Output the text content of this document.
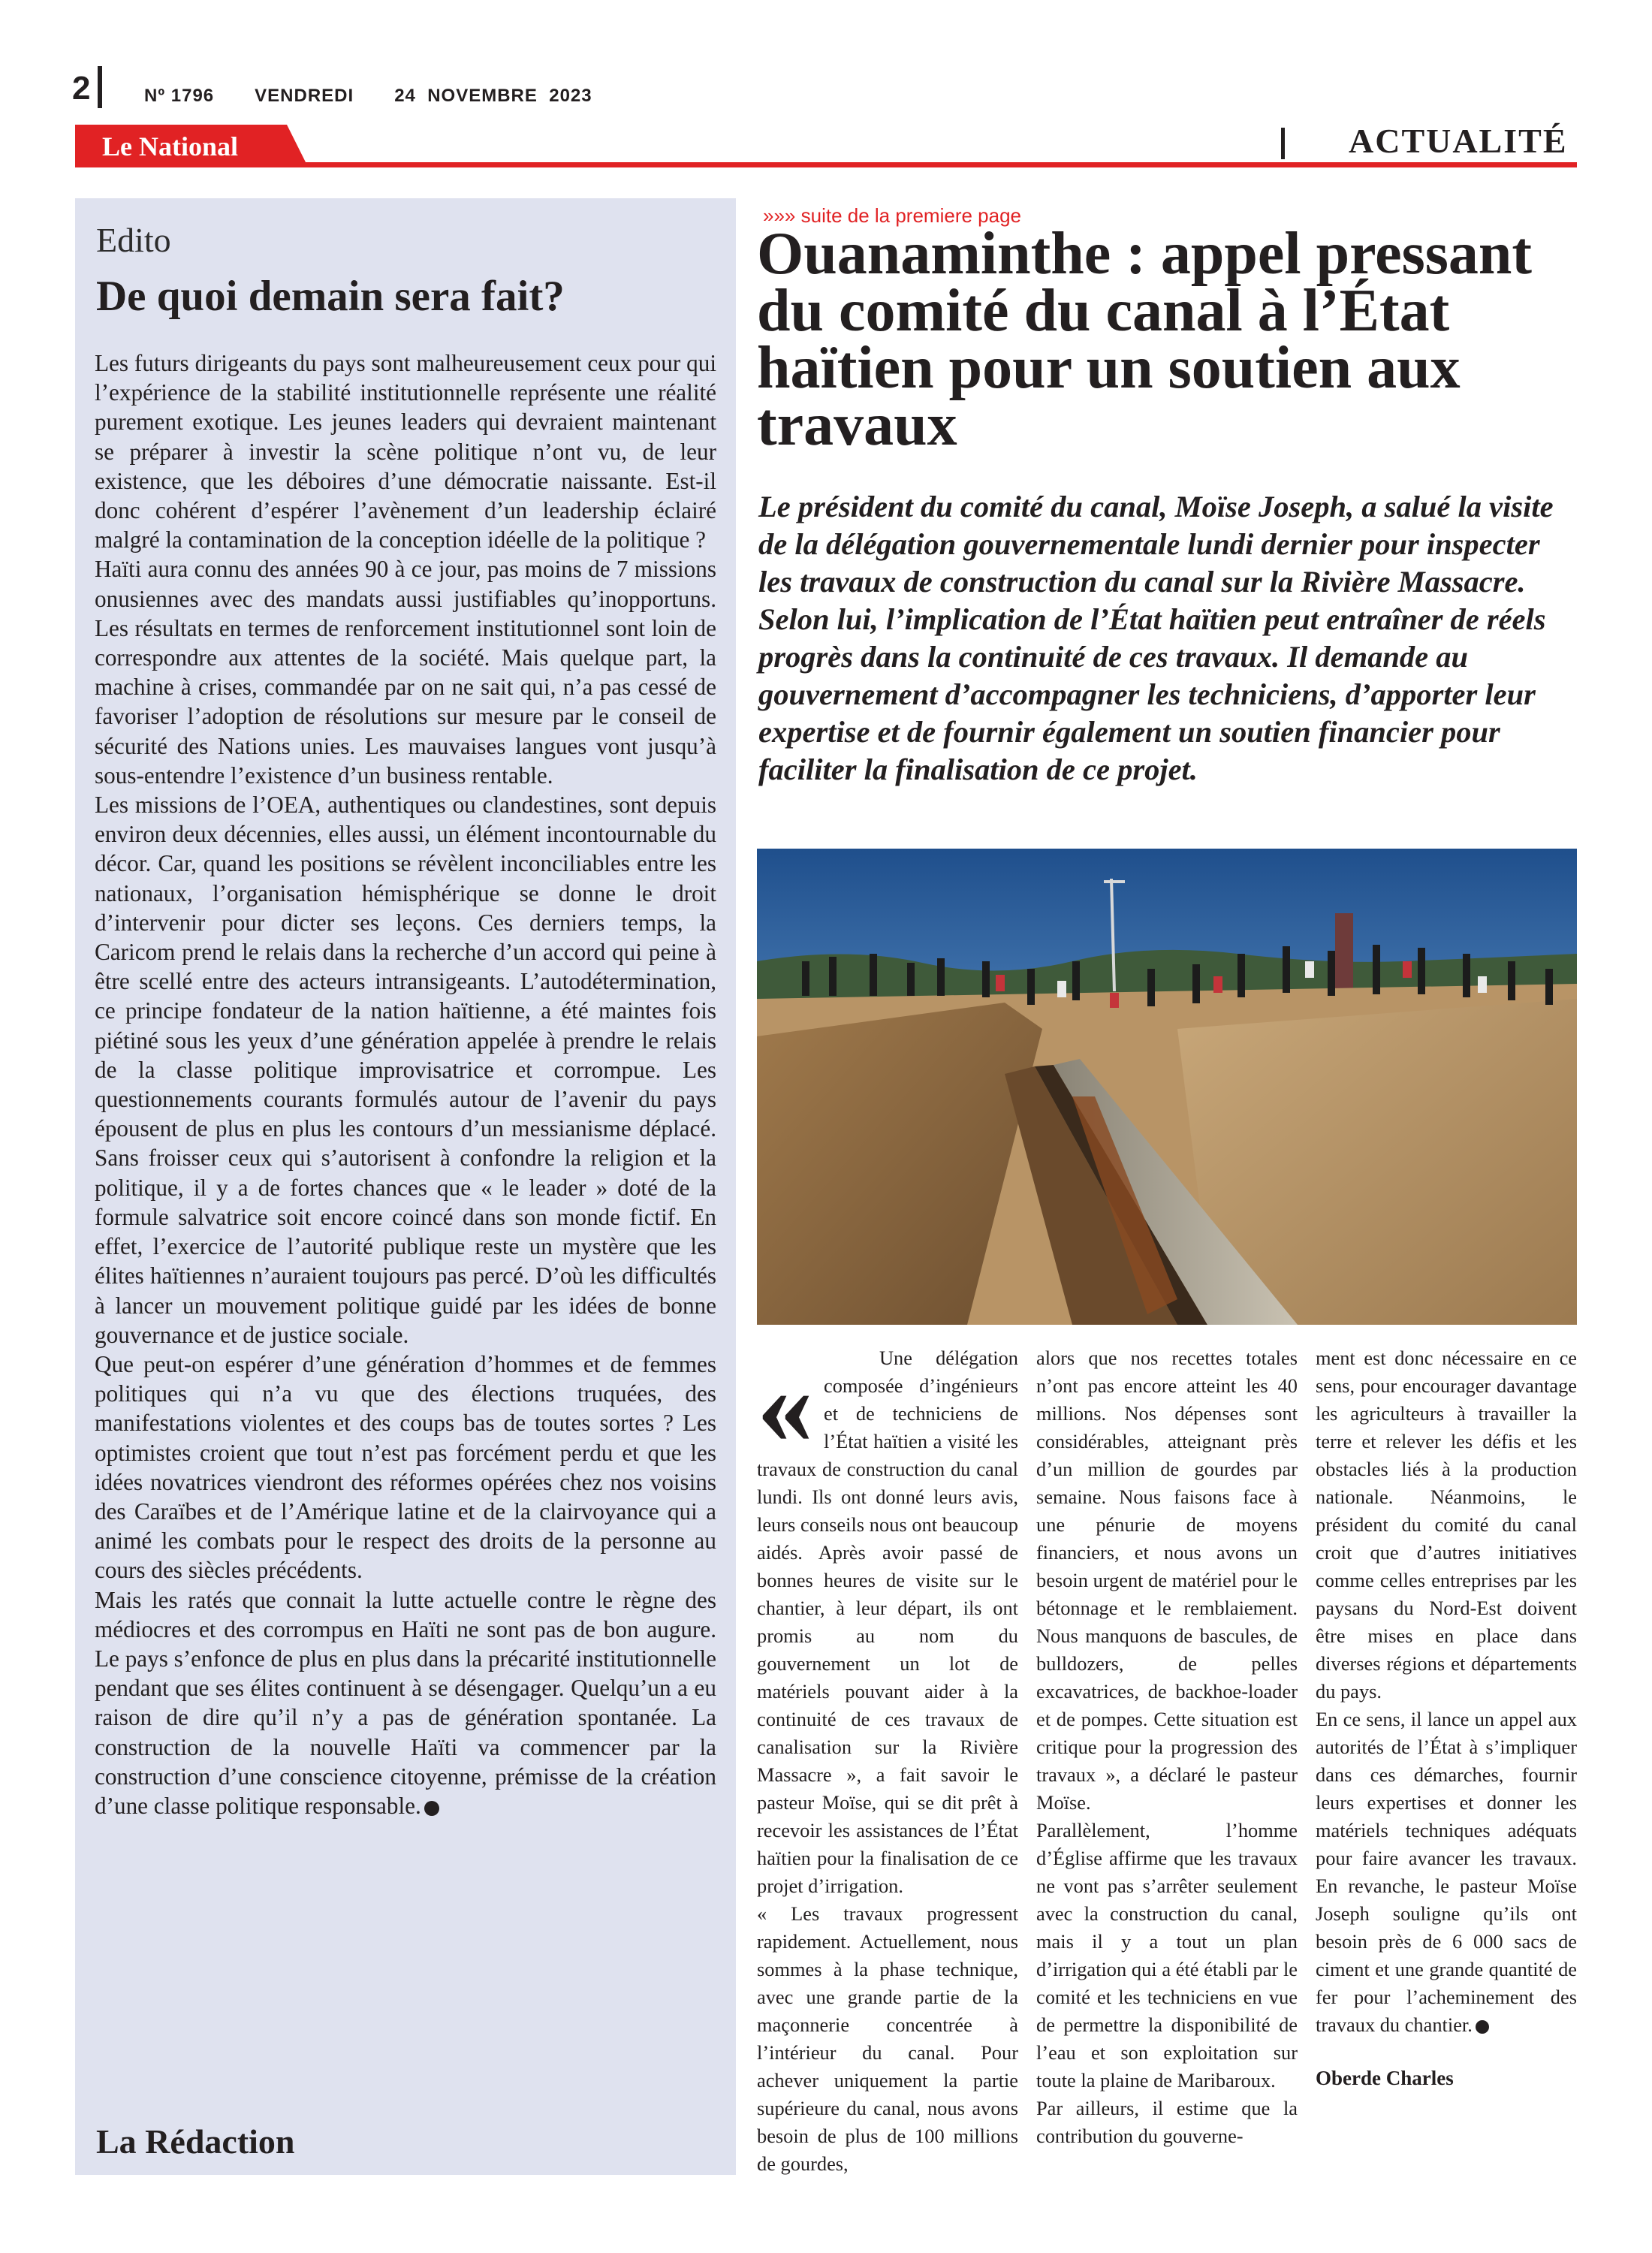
2	Nº 1796 VENDREDI 24  NOVEMBRE  2023
Le National	ACTUALITÉ
Edito
De quoi demain sera fait?

Les futurs dirigeants du pays sont malheureusement ceux pour qui l’expérience de la stabilité institutionnelle représente une réalité purement exotique. Les jeunes leaders qui devraient maintenant se préparer à investir la scène politique n’ont vu, de leur existence, que les déboires d’une démocratie naissante. Est-il donc cohérent d’espérer l’avènement d’un leadership éclairé malgré la contamination de la conception idéelle de la politique ?

Haïti aura connu des années 90 à ce jour, pas moins de 7 missions onusiennes avec des mandats aussi justifiables qu’inopportuns. Les résultats en termes de renforcement institutionnel sont loin de correspondre aux attentes de la société. Mais quelque part, la machine à crises, commandée par on ne sait qui, n’a pas cessé de favoriser l’adoption de résolutions sur mesure par le conseil de sécurité des Nations unies. Les mauvaises langues vont jusqu’à sous-entendre l’existence d’un business rentable.

Les missions de l’OEA, authentiques ou clandestines, sont depuis environ deux décennies, elles aussi, un élément incontournable du décor. Car, quand les positions se révèlent inconciliables entre les nationaux, l’organisation hémisphérique se donne le droit d’intervenir pour dicter ses leçons. Ces derniers temps, la Caricom prend le relais dans la recherche d’un accord qui peine à être scellé entre des acteurs intransigeants. L’autodétermination, ce principe fondateur de la nation haïtienne, a été maintes fois piétiné sous les yeux d’une génération appelée à prendre le relais de la classe politique improvisatrice et corrompue. Les questionnements courants formulés autour de l’avenir du pays épousent de plus en plus les contours d’un messianisme déplacé. Sans froisser ceux qui s’autorisent à confondre la religion et la politique, il y a de fortes chances que « le leader » doté de la formule salvatrice soit encore coincé dans son monde fictif. En effet, l’exercice de l’autorité publique reste un mystère que les élites haïtiennes n’auraient toujours pas percé. D’où les difficultés à lancer un mouvement politique guidé par les idées de bonne gouvernance et de justice sociale.

Que peut-on espérer d’une génération d’hommes et de femmes politiques qui n’a vu que des élections truquées, des manifestations violentes et des coups bas de toutes sortes ? Les optimistes croient que tout n’est pas forcément perdu et que les idées novatrices viendront des réformes opérées chez nos voisins des Caraïbes et de l’Amérique latine et de la clairvoyance qui a animé les combats pour le respect des droits de la personne au cours des siècles précédents.

Mais les ratés que connait la lutte actuelle contre le règne des médiocres et des corrompus en Haïti ne sont pas de bon augure. Le pays s’enfonce de plus en plus dans la précarité institutionnelle pendant que ses élites continuent à se désengager. Quelqu’un a eu raison de dire qu’il n’y a pas de génération spontanée. La construction de la nouvelle Haïti va commencer par la construction d’une conscience citoyenne, prémisse de la création d’une classe politique responsable.

La Rédaction
»»» suite de la premiere page
Ouanaminthe : appel pressant du comité du canal à l’État haïtien pour un soutien aux travaux
Le président du comité du canal, Moïse Joseph, a salué la visite de la délégation gouvernementale lundi dernier pour inspecter les travaux de construction du canal sur la Rivière Massacre. Selon lui, l’implication de l’État haïtien peut entraîner de réels progrès dans la continuité de ces travaux. Il demande au gouvernement d’accompagner les techniciens, d’apporter leur expertise et de fournir également un soutien financier pour faciliter la finalisation de ce projet.
«	Une délégation composée d’ingénieurs et de techniciens de l’État haïtien a visité les travaux de construction du canal lundi. Ils ont donné leurs avis, leurs conseils nous ont beaucoup aidés. Après avoir passé de bonnes heures de visite sur le chantier, à leur départ, ils ont promis au nom du gouvernement un lot de matériels pouvant aider à la continuité de ces travaux de canalisation sur la Rivière Massacre », a fait savoir le pasteur Moïse, qui se dit prêt à recevoir les assistances de l’État haïtien pour la finalisation de ce projet d’irrigation.

« Les travaux progressent rapidement. Actuellement, nous sommes à la phase technique, avec une grande partie de la maçonnerie concentrée à l’intérieur du canal. Pour achever uniquement la partie supérieure du canal, nous avons besoin de plus de 100 millions de gourdes,

alors que nos recettes totales n’ont pas encore atteint les 40 millions. Nos dépenses sont considérables, atteignant près d’un million de gourdes par semaine. Nous faisons face à une pénurie de moyens financiers, et nous avons un besoin urgent de matériel pour le bétonnage et le remblaiement. Nous manquons de bascules, de bulldozers, de pelles excavatrices, de backhoe-loader et de pompes. Cette situation est critique pour la progression des travaux », a déclaré le pasteur Moïse.

Parallèlement, l’homme d’Église affirme que les travaux ne vont pas s’arrêter seulement avec la construction du canal, mais il y a tout un plan d’irrigation qui a été établi par le comité et les techniciens en vue de permettre la disponibilité de l’eau et son exploitation sur toute la plaine de Maribaroux.

Par ailleurs, il estime que la contribution du gouverne-

ment est donc nécessaire en ce sens, pour encourager davantage les agriculteurs à travailler la terre et relever les défis et les obstacles liés à la production nationale. Néanmoins, le président du comité du canal croit que d’autres initiatives comme celles entreprises par les paysans du Nord-Est doivent être mises en place dans diverses régions et départements du pays.

En ce sens, il lance un appel aux autorités de l’État à s’impliquer dans ces démarches, fournir leurs expertises et donner les matériels techniques adéquats pour faire avancer les travaux. En revanche, le pasteur Moïse Joseph souligne qu’ils ont besoin près de 6 000 sacs de ciment et une grande quantité de fer pour l’acheminement des travaux du chantier.

Oberde Charles
